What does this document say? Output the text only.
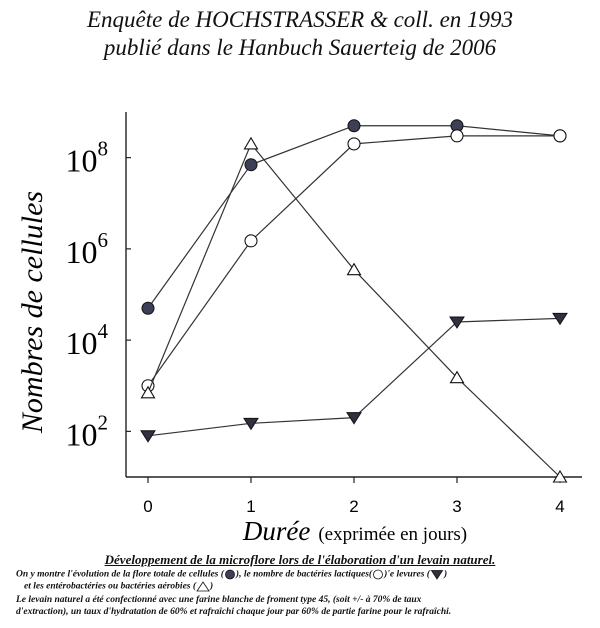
Enquête de HOCHSTRASSER & coll. en 1993
publié dans le Hanbuch Sauerteig de 2006
$10^2$
$10^4$
$10^6$
$10^8$
0	1	2	3	4
Nombres de cellules
Durée (exprimée en jours)
Développement de la microflore lors de l'élaboration d'un levain naturel.
On y montre l'évolution de la flore totale de cellules ( ), le nombre de bactéries lactiques( )'e levures ( )
et les entérobactéries ou bactéries aérobies ( )
Le levain naturel a été confectionné avec une farine blanche de froment type 45, (soit +/- à 70% de taux
d'extraction), un taux d'hydratation de 60% et rafraîchi chaque jour par 60% de partie farine pour le rafraîchi.
